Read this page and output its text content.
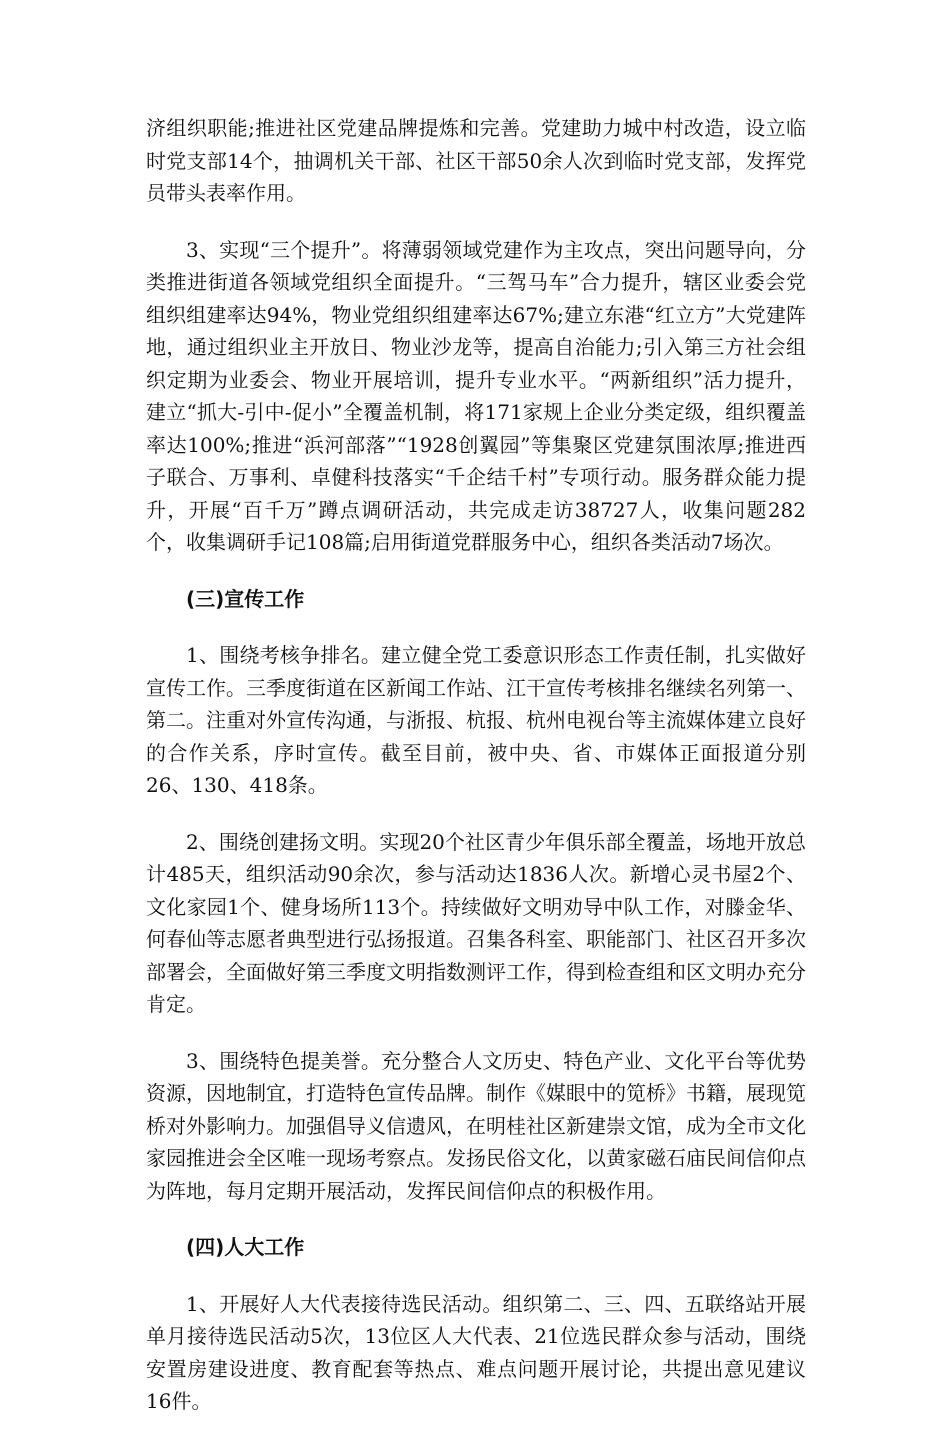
济组织职能;推进社区党建品牌提炼和完善。党建助力城中村改造，设立临时党支部14个，抽调机关干部、社区干部50余人次到临时党支部，发挥党员带头表率作用。

3、实现“三个提升”。将薄弱领域党建作为主攻点，突出问题导向，分类推进街道各领域党组织全面提升。“三驾马车”合力提升，辖区业委会党组织组建率达94%，物业党组织组建率达67%;建立东港“红立方”大党建阵地，通过组织业主开放日、物业沙龙等，提高自治能力;引入第三方社会组织定期为业委会、物业开展培训，提升专业水平。“两新组织”活力提升，建立“抓大-引中-促小”全覆盖机制，将171家规上企业分类定级，组织覆盖率达100%;推进“浜河部落”“1928创翼园”等集聚区党建氛围浓厚;推进西子联合、万事利、卓健科技落实“千企结千村”专项行动。服务群众能力提升，开展“百千万”蹲点调研活动，共完成走访38727人，收集问题282个，收集调研手记108篇;启用街道党群服务中心，组织各类活动7场次。

(三)宣传工作

1、围绕考核争排名。建立健全党工委意识形态工作责任制，扎实做好宣传工作。三季度街道在区新闻工作站、江干宣传考核排名继续名列第一、第二。注重对外宣传沟通，与浙报、杭报、杭州电视台等主流媒体建立良好的合作关系，序时宣传。截至目前，被中央、省、市媒体正面报道分别26、130、418条。

2、围绕创建扬文明。实现20个社区青少年俱乐部全覆盖，场地开放总计485天，组织活动90余次，参与活动达1836人次。新增心灵书屋2个、文化家园1个、健身场所113个。持续做好文明劝导中队工作，对滕金华、何春仙等志愿者典型进行弘扬报道。召集各科室、职能部门、社区召开多次部署会，全面做好第三季度文明指数测评工作，得到检查组和区文明办充分肯定。

3、围绕特色提美誉。充分整合人文历史、特色产业、文化平台等优势资源，因地制宜，打造特色宣传品牌。制作《媒眼中的笕桥》书籍，展现笕桥对外影响力。加强倡导义信遗风，在明桂社区新建崇文馆，成为全市文化家园推进会全区唯一现场考察点。发扬民俗文化，以黄家磁石庙民间信仰点为阵地，每月定期开展活动，发挥民间信仰点的积极作用。

(四)人大工作

1、开展好人大代表接待选民活动。组织第二、三、四、五联络站开展单月接待选民活动5次，13位区人大代表、21位选民群众参与活动，围绕安置房建设进度、教育配套等热点、难点问题开展讨论，共提出意见建议16件。
